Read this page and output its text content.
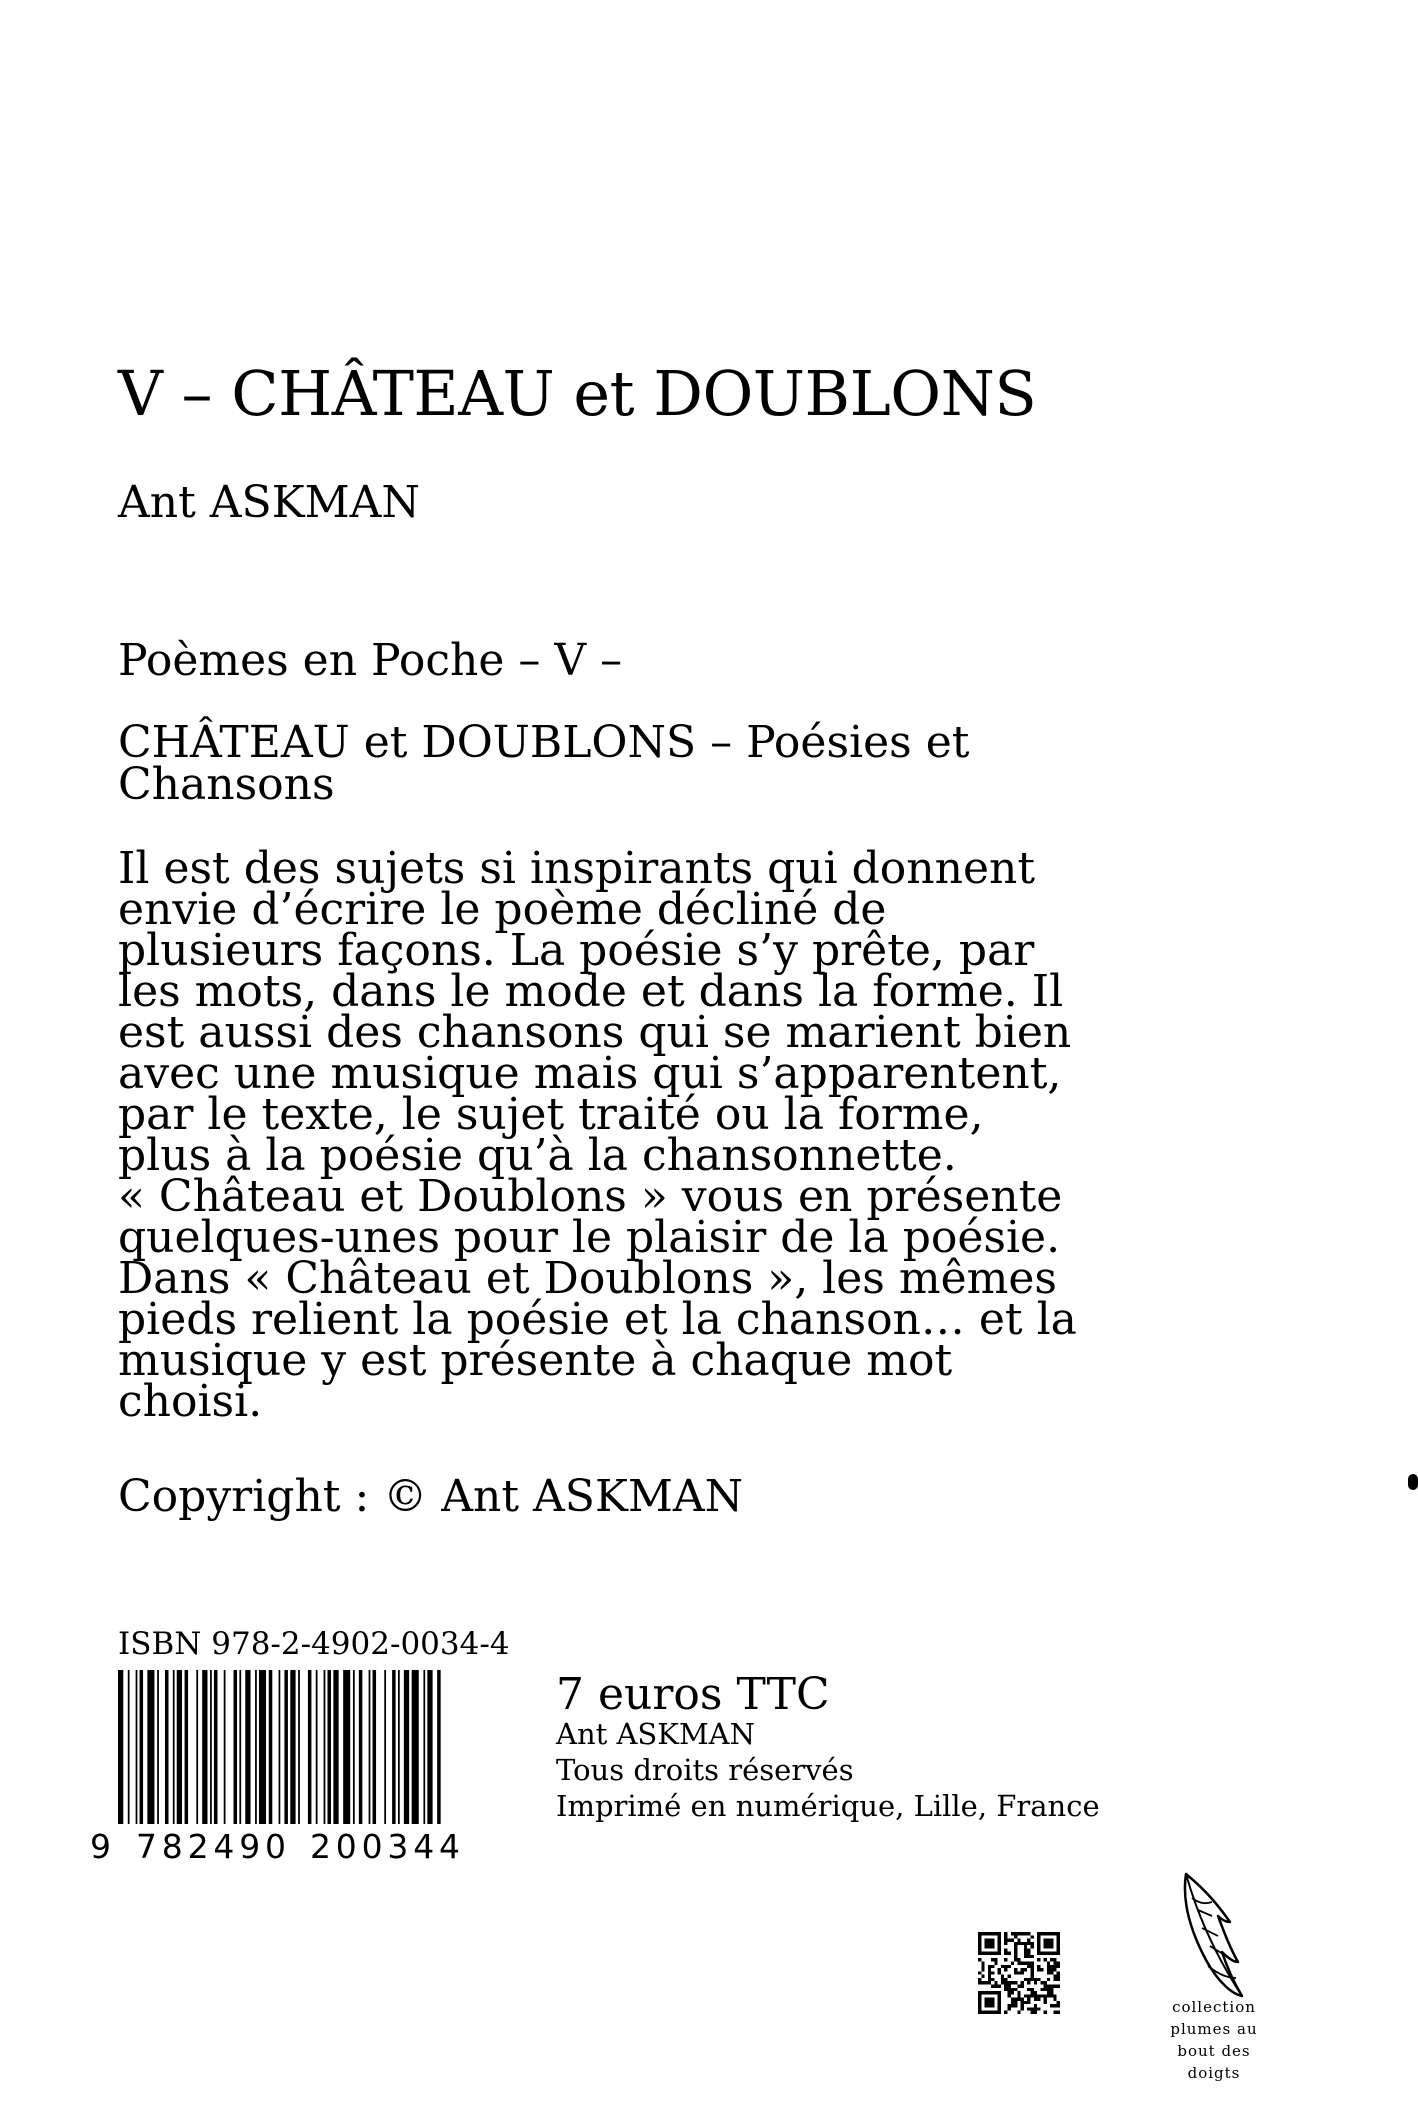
V – CHÂTEAU et DOUBLONS
Ant ASKMAN
Poèmes en Poche – V –
CHÂTEAU et DOUBLONS – Poésies et Chansons

Il est des sujets si inspirants qui donnent envie d’écrire le poème décliné de plusieurs façons. La poésie s’y prête, par les mots, dans le mode et dans la forme. Il est aussi des chansons qui se marient bien avec une musique mais qui s’apparentent, par le texte, le sujet traité ou la forme, plus à la poésie qu’à la chansonnette.

« Château et Doublons » vous en présente quelques-unes pour le plaisir de la poésie. Dans « Château et Doublons », les mêmes pieds relient la poésie et la chanson… et la musique y est présente à chaque mot choisi.

Copyright : © Ant ASKMAN
ISBN 978-2-4902-0034-4
9 782490 200344
7 euros TTC
Ant ASKMAN
Tous droits réservés
Imprimé en numérique, Lille, France
collection
plumes au
bout des
doigts
